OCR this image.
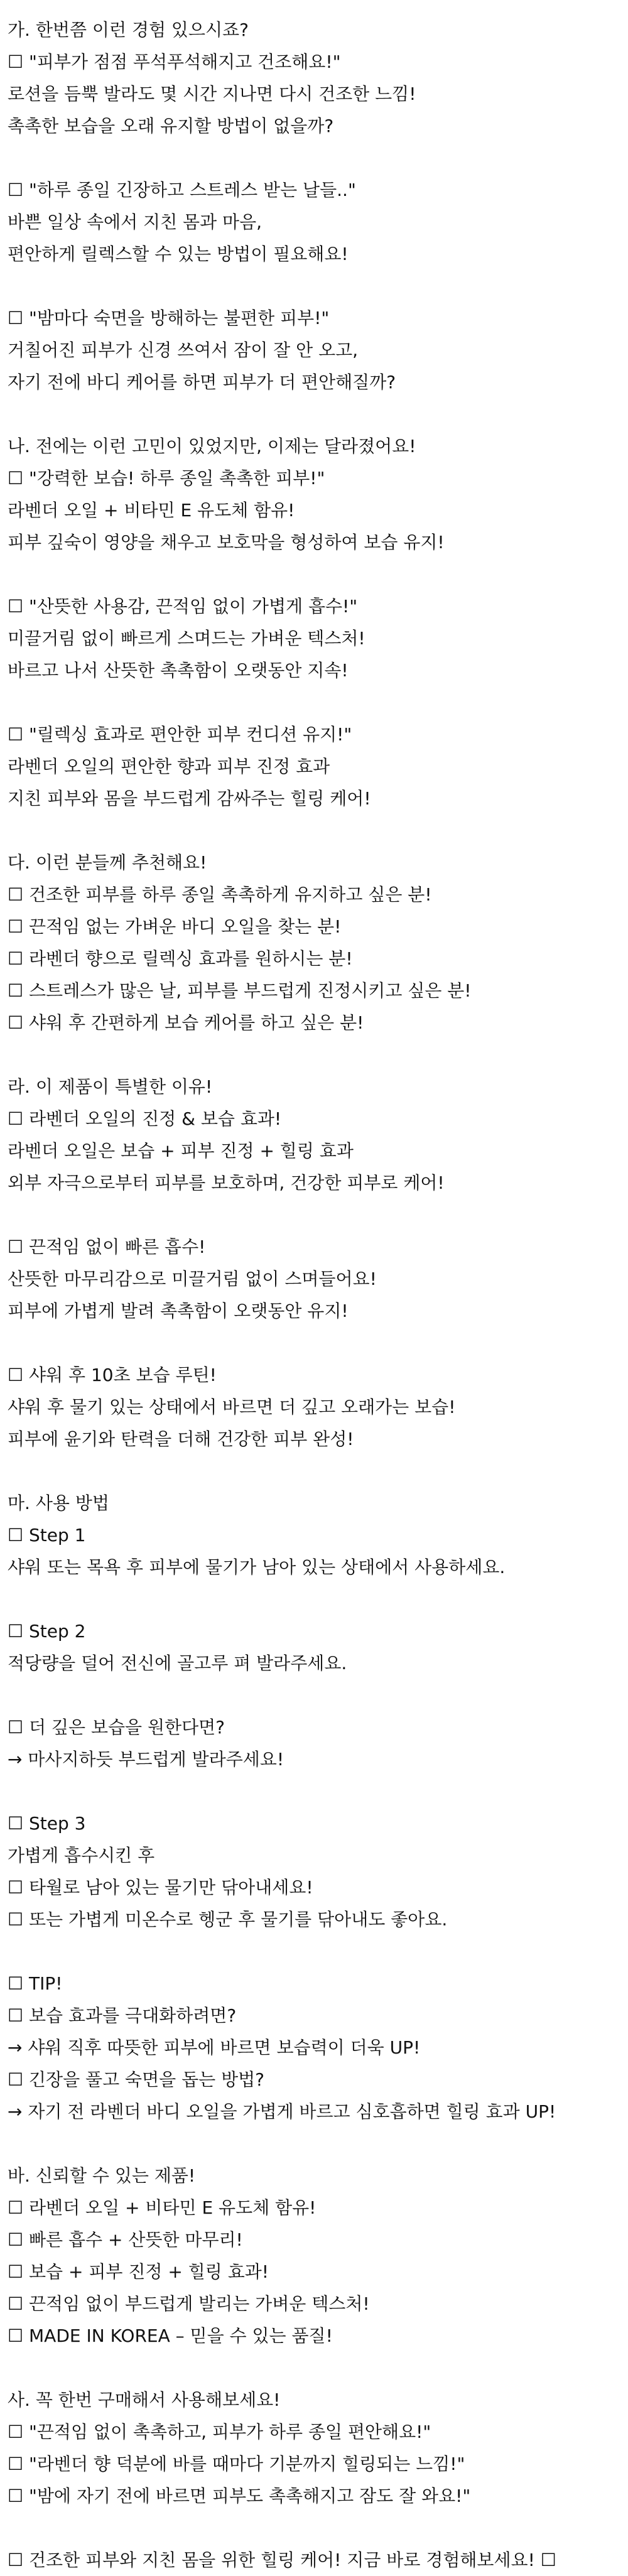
가. 한번쯤 이런 경험 있으시죠?
☐ "피부가 점점 푸석푸석해지고 건조해요!"
로션을 듬뿍 발라도 몇 시간 지나면 다시 건조한 느낌!
촉촉한 보습을 오래 유지할 방법이 없을까?
☐ "하루 종일 긴장하고 스트레스 받는 날들.."
바쁜 일상 속에서 지친 몸과 마음,
편안하게 릴렉스할 수 있는 방법이 필요해요!
☐ "밤마다 숙면을 방해하는 불편한 피부!"
거칠어진 피부가 신경 쓰여서 잠이 잘 안 오고,
자기 전에 바디 케어를 하면 피부가 더 편안해질까?
나. 전에는 이런 고민이 있었지만, 이제는 달라졌어요!
☐ "강력한 보습! 하루 종일 촉촉한 피부!"
라벤더 오일 + 비타민 E 유도체 함유!
피부 깊숙이 영양을 채우고 보호막을 형성하여 보습 유지!
☐ "산뜻한 사용감, 끈적임 없이 가볍게 흡수!"
미끌거림 없이 빠르게 스며드는 가벼운 텍스처!
바르고 나서 산뜻한 촉촉함이 오랫동안 지속!
☐ "릴렉싱 효과로 편안한 피부 컨디션 유지!"
라벤더 오일의 편안한 향과 피부 진정 효과
지친 피부와 몸을 부드럽게 감싸주는 힐링 케어!
다. 이런 분들께 추천해요!
☐ 건조한 피부를 하루 종일 촉촉하게 유지하고 싶은 분!
☐ 끈적임 없는 가벼운 바디 오일을 찾는 분!
☐ 라벤더 향으로 릴렉싱 효과를 원하시는 분!
☐ 스트레스가 많은 날, 피부를 부드럽게 진정시키고 싶은 분!
☐ 샤워 후 간편하게 보습 케어를 하고 싶은 분!
라. 이 제품이 특별한 이유!
☐ 라벤더 오일의 진정 & 보습 효과!
라벤더 오일은 보습 + 피부 진정 + 힐링 효과
외부 자극으로부터 피부를 보호하며, 건강한 피부로 케어!
☐ 끈적임 없이 빠른 흡수!
산뜻한 마무리감으로 미끌거림 없이 스며들어요!
피부에 가볍게 발려 촉촉함이 오랫동안 유지!
☐ 샤워 후 10초 보습 루틴!
샤워 후 물기 있는 상태에서 바르면 더 깊고 오래가는 보습!
피부에 윤기와 탄력을 더해 건강한 피부 완성!
마. 사용 방법
☐ Step 1
샤워 또는 목욕 후 피부에 물기가 남아 있는 상태에서 사용하세요.
☐ Step 2
적당량을 덜어 전신에 골고루 펴 발라주세요.
☐ 더 깊은 보습을 원한다면?
→ 마사지하듯 부드럽게 발라주세요!
☐ Step 3
가볍게 흡수시킨 후
☐ 타월로 남아 있는 물기만 닦아내세요!
☐ 또는 가볍게 미온수로 헹군 후 물기를 닦아내도 좋아요.
☐ TIP!
☐ 보습 효과를 극대화하려면?
→ 샤워 직후 따뜻한 피부에 바르면 보습력이 더욱 UP!
☐ 긴장을 풀고 숙면을 돕는 방법?
→ 자기 전 라벤더 바디 오일을 가볍게 바르고 심호흡하면 힐링 효과 UP!
바. 신뢰할 수 있는 제품!
☐ 라벤더 오일 + 비타민 E 유도체 함유!
☐ 빠른 흡수 + 산뜻한 마무리!
☐ 보습 + 피부 진정 + 힐링 효과!
☐ 끈적임 없이 부드럽게 발리는 가벼운 텍스처!
☐ MADE IN KOREA – 믿을 수 있는 품질!
사. 꼭 한번 구매해서 사용해보세요!
☐ "끈적임 없이 촉촉하고, 피부가 하루 종일 편안해요!"
☐ "라벤더 향 덕분에 바를 때마다 기분까지 힐링되는 느낌!"
☐ "밤에 자기 전에 바르면 피부도 촉촉해지고 잠도 잘 와요!"
☐ 건조한 피부와 지친 몸을 위한 힐링 케어! 지금 바로 경험해보세요! ☐
